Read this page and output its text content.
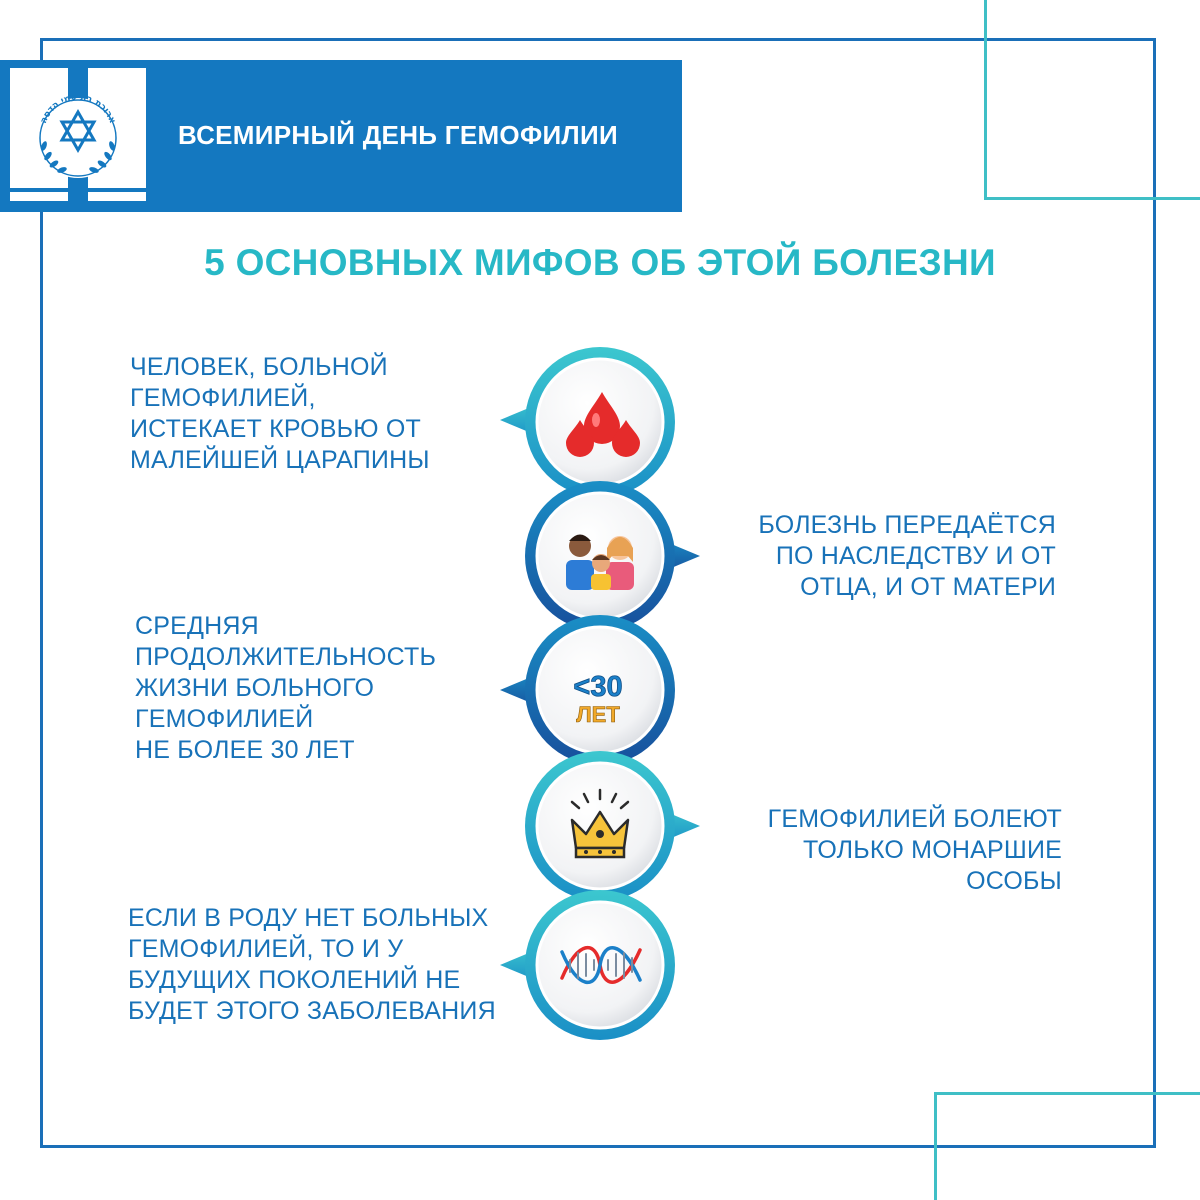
ארוכת בת עמי הדסה ВСЕМИРНЫЙ ДЕНЬ ГЕМОФИЛИИ
5 ОСНОВНЫХ МИФОВ ОБ ЭТОЙ БОЛЕЗНИ
ЧЕЛОВЕК, БОЛЬНОЙ
ГЕМОФИЛИЕЙ,
ИСТЕКАЕТ КРОВЬЮ ОТ
МАЛЕЙШЕЙ ЦАРАПИНЫ
БОЛЕЗНЬ ПЕРЕДАЁТСЯ
ПО НАСЛЕДСТВУ И ОТ
ОТЦА, И ОТ МАТЕРИ
СРЕДНЯЯ
ПРОДОЛЖИТЕЛЬНОСТЬ
ЖИЗНИ БОЛЬНОГО
ГЕМОФИЛИЕЙ
НЕ БОЛЕЕ 30 ЛЕТ
ГЕМОФИЛИЕЙ БОЛЕЮТ
ТОЛЬКО МОНАРШИЕ ОСОБЫ
ЕСЛИ В РОДУ НЕТ БОЛЬНЫХ
ГЕМОФИЛИЕЙ, ТО И У
БУДУЩИХ ПОКОЛЕНИЙ НЕ
БУДЕТ ЭТОГО ЗАБОЛЕВАНИЯ
<30
ЛЕТ
